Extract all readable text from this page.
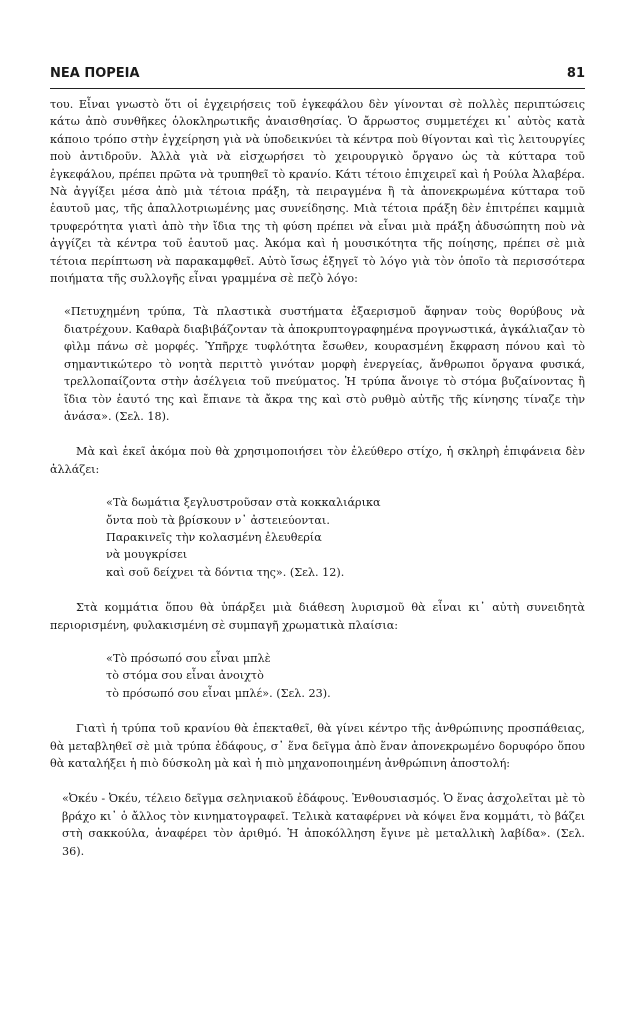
ΝΕΑ ΠΟΡΕΙΑ	81

του. Εἶναι γνωστὸ ὅτι οἱ ἐγχειρήσεις τοῦ ἐγκεφάλου δὲν γίνονται σὲ πολλὲς περιπτώσεις κάτω ἀπὸ συνθῆκες ὁλοκληρωτικῆς ἀναισθησίας. Ὁ ἄρρωστος συμμετέχει κι᾿ αὐτὸς κατὰ κάποιο τρόπο στὴν ἐγχείρηση γιὰ νὰ ὑποδεικνύει τὰ κέντρα ποὺ θίγονται καὶ τὶς λειτουργίες ποὺ ἀντιδροῦν. Ἀλλὰ γιὰ νὰ εἰσχωρήσει τὸ χειρουργικὸ ὄργανο ὡς τὰ κύτταρα τοῦ ἐγκεφάλου, πρέπει πρῶτα νὰ τρυπηθεῖ τὸ κρανίο. Κάτι τέτοιο ἐπιχειρεῖ καὶ ἡ Ρούλα Ἀλαβέρα. Νὰ ἀγγίξει μέσα ἀπὸ μιὰ τέτοια πράξη, τὰ πειραγμένα ἢ τὰ ἀπονεκρωμένα κύτταρα τοῦ ἑαυτοῦ μας, τῆς ἀπαλλοτριωμένης μας συνείδησης. Μιὰ τέτοια πράξη δὲν ἐπιτρέπει καμμιὰ τρυφερότητα γιατὶ ἀπὸ τὴν ἴδια της τὴ φύση πρέπει νὰ εἶναι μιὰ πράξη ἀδυσώπητη ποὺ νὰ ἀγγίζει τὰ κέντρα τοῦ ἑαυτοῦ μας. Ἀκόμα καὶ ἡ μουσικότητα τῆς ποίησης, πρέπει σὲ μιὰ τέτοια περίπτωση νὰ παρακαμφθεῖ. Αὐτὸ ἴσως ἐξηγεῖ τὸ λόγο γιὰ τὸν ὁποῖο τὰ περισσότερα ποιήματα τῆς συλλογῆς εἶναι γραμμένα σὲ πεζὸ λόγο:

«Πετυχημένη τρύπα, Τὰ πλαστικὰ συστήματα ἐξαερισμοῦ ἄφηναν τοὺς θορύβους νὰ διατρέχουν. Καθαρὰ διαβιβάζονταν τὰ ἀποκρυπτογραφημένα προγνωστικά, ἀγκάλιαζαν τὸ φὶλμ πάνω σὲ μορφές. Ὑπῆρχε τυφλότητα ἔσωθεν, κουρασμένη ἔκφραση πόνου καὶ τὸ σημαντικώτερο τὸ νοητὰ περιττὸ γινόταν μορφὴ ἐνεργείας, ἄνθρωποι ὄργανα φυσικά, τρελλοπαίζοντα στὴν ἀσέλγεια τοῦ πνεύματος. Ἡ τρύπα ἄνοιγε τὸ στόμα βυζαίνοντας ἢ ἴδια τὸν ἑαυτό της καὶ ἔπιανε τὰ ἄκρα της καὶ στὸ ρυθμὸ αὐτῆς τῆς κίνησης τίναζε τὴν ἀνάσα». (Σελ. 18).

Μὰ καὶ ἐκεῖ ἀκόμα ποὺ θὰ χρησιμοποιήσει τὸν ἐλεύθερο στίχο, ἡ σκληρὴ ἐπιφάνεια δὲν ἀλλάζει:

«Τὰ δωμάτια ξεγλυστροῦσαν στὰ κοκκαλιάρικα
ὄντα ποὺ τὰ βρίσκουν ν᾿ ἀστειεύονται.
Παρακινεῖς τὴν κολασμένη ἐλευθερία
νὰ μουγκρίσει
καὶ σοῦ δείχνει τὰ δόντια της». (Σελ. 12).

Στὰ κομμάτια ὅπου θὰ ὑπάρξει μιὰ διάθεση λυρισμοῦ θὰ εἶναι κι᾿ αὐτὴ συνειδητὰ περιορισμένη, φυλακισμένη σὲ συμπαγῆ χρωματικὰ πλαίσια:

«Τὸ πρόσωπό σου εἶναι μπλὲ
τὸ στόμα σου εἶναι ἀνοιχτὸ
τὸ πρόσωπό σου εἶναι μπλέ». (Σελ. 23).

Γιατὶ ἡ τρύπα τοῦ κρανίου θὰ ἐπεκταθεῖ, θὰ γίνει κέντρο τῆς ἀνθρώπινης προσπάθειας, θὰ μεταβληθεῖ σὲ μιὰ τρύπα ἐδάφους, σ᾿ ἕνα δεῖγμα ἀπὸ ἕναν ἀπονεκρωμένο δορυφόρο ὅπου θὰ καταλήξει ἡ πιὸ δύσκολη μὰ καὶ ἡ πιὸ μηχανοποιημένη ἀνθρώπινη ἀποστολή:

«Ὀκέυ - Ὀκέυ, τέλειο δεῖγμα σεληνιακοῦ ἐδάφους. Ἐνθουσιασμός. Ὁ ἕνας ἀσχολεῖται μὲ τὸ βράχο κι᾿ ὁ ἄλλος τὸν κινηματογραφεῖ. Τελικὰ καταφέρνει νὰ κόψει ἕνα κομμάτι, τὸ βάζει στὴ σακκούλα, ἀναφέρει τὸν ἀριθμό. Ἡ ἀποκόλληση ἔγινε μὲ μεταλλικὴ λαβίδα». (Σελ. 36).
